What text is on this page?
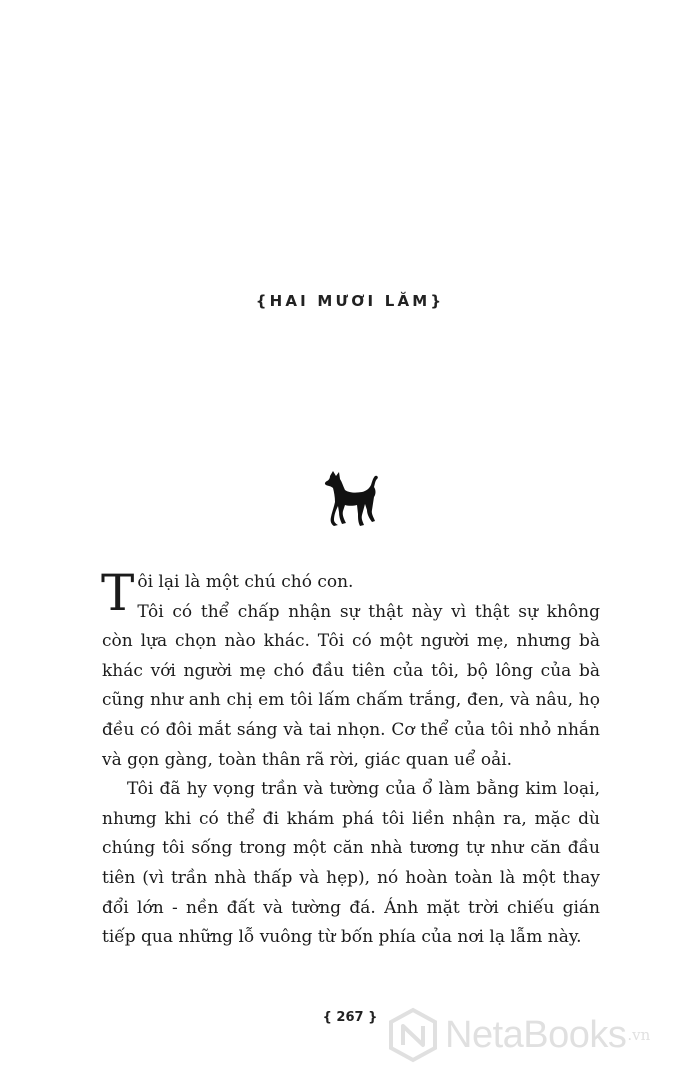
{HAI MƯƠI LĂM}

T ôi lại là một chú chó con.

Tôi có thể chấp nhận sự thật này vì thật sự không
còn lựa chọn nào khác. Tôi có một người mẹ, nhưng bà
khác với người mẹ chó đầu tiên của tôi, bộ lông của bà
cũng như anh chị em tôi lấm chấm trắng, đen, và nâu, họ
đều có đôi mắt sáng và tai nhọn. Cơ thể của tôi nhỏ nhắn
và gọn gàng, toàn thân rã rời, giác quan uể oải.

Tôi đã hy vọng trần và tường của ổ làm bằng kim loại,
nhưng khi có thể đi khám phá tôi liền nhận ra, mặc dù
chúng tôi sống trong một căn nhà tương tự như căn đầu
tiên (vì trần nhà thấp và hẹp), nó hoàn toàn là một thay
đổi lớn - nền đất và tường đá. Ánh mặt trời chiếu gián
tiếp qua những lỗ vuông từ bốn phía của nơi lạ lẫm này.

{ 267 }	NetaBooks .vn
